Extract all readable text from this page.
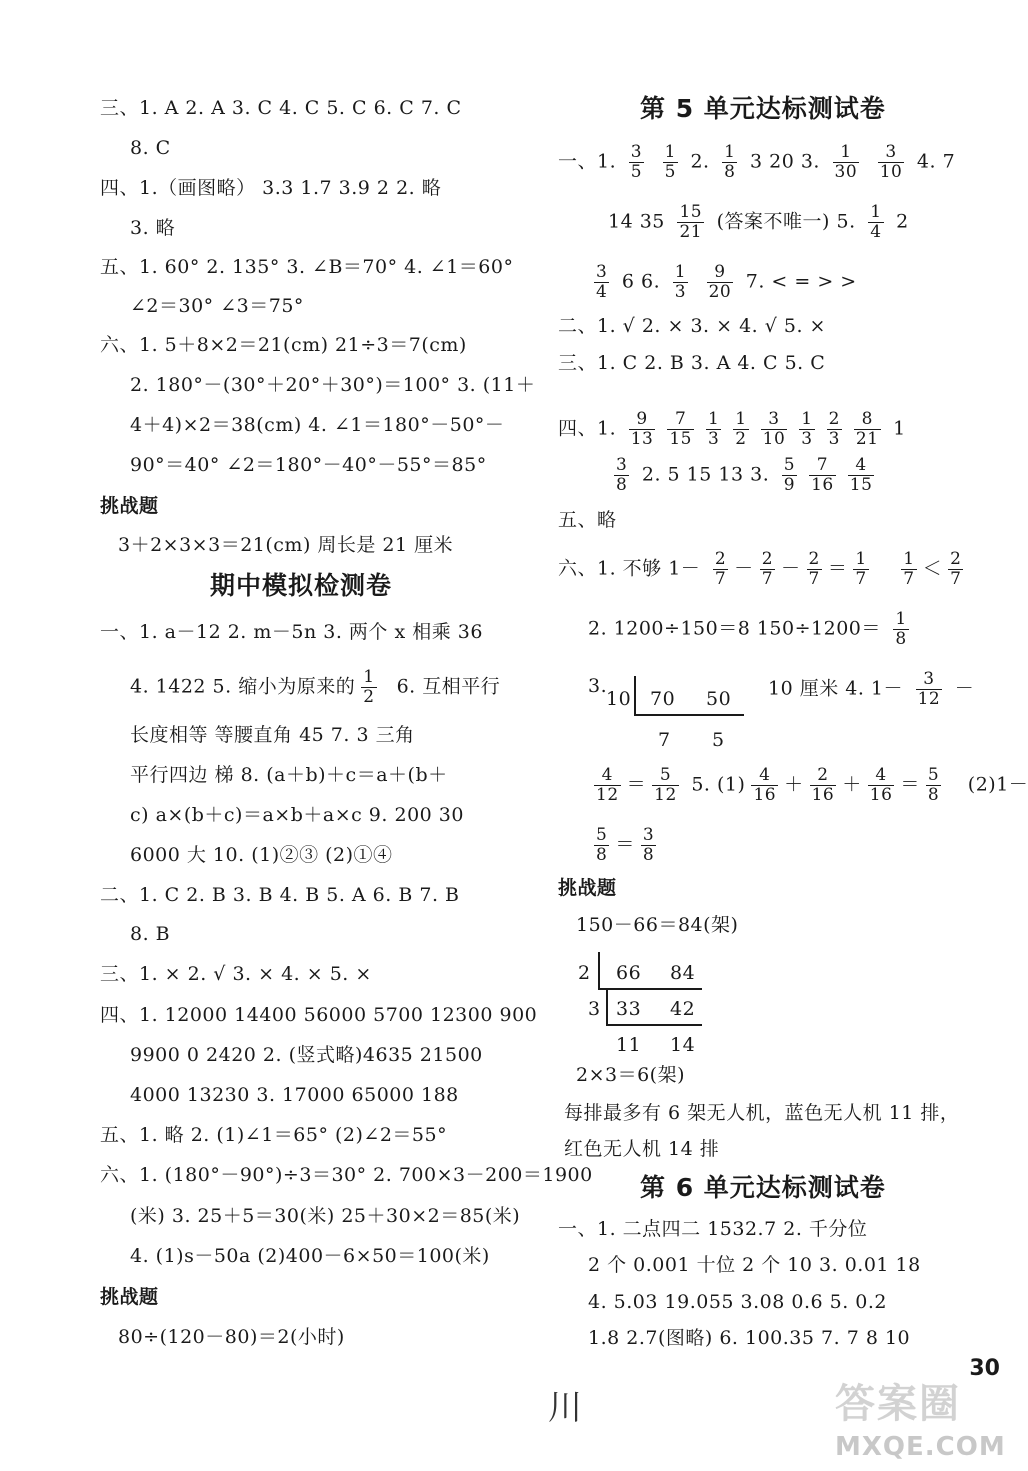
三、1. A 2. A 3. C 4. C 5. C 6. C 7. C
8. C
四、1.（画图略） 3.3 1.7 3.9 2 2. 略
3. 略
五、1. 60° 2. 135° 3. ∠B＝70° 4. ∠1＝60°
∠2＝30° ∠3＝75°
六、1. 5＋8×2＝21(cm) 21÷3＝7(cm)
2. 180°－(30°＋20°＋30°)＝100° 3. (11＋
4＋4)×2＝38(cm) 4. ∠1＝180°－50°－
90°＝40° ∠2＝180°－40°－55°＝85°
挑战题
3＋2×3×3＝21(cm) 周长是 21 厘米
期中模拟检测卷
一、1. a－12 2. m－5n 3. 两个 x 相乘 36
4. 1422 5. 缩小为原来的 $\frac{1}{2} 6$. 互相平行
长度相等 等腰直角 45 7. 3 三角
平行四边 梯 8. (a＋b)＋c＝a＋(b＋
c) a×(b＋c)＝a×b＋a×c 9. 200 30
6000 大 10. (1)②③ (2)①④
二、1. C 2. B 3. B 4. B 5. A 6. B 7. B
8. B
三、1. × 2. √ 3. × 4. × 5. ×
四、1. 12000 14400 56000 5700 12300 900
9900 0 2420 2. (竖式略)4635 21500
4000 13230 3. 17000 65000 188
五、1. 略 2. (1)∠1＝65° (2)∠2＝55°
六、1. (180°－90°)÷3＝30° 2. 700×3－200＝1900
(米) 3. 25＋5＝30(米) 25＋30×2＝85(米)
4. (1)s－50a (2)400－6×50＝100(米)
挑战题
80÷(120－80)＝2(小时)
第 5 单元达标测试卷
一、1. $\frac{3}{5}$
$\frac{1}{5} 2$. $\frac{1}{8} 3$ 20 3. $\frac{1}{30}$
$\frac{3}{10} 4$. 7
14 $35 \frac{15}{21}$ (答案不唯一) 5. $\frac{1}{4} 2$
$\frac{3}{4} 6$ 6. $\frac{1}{3}$
$\frac{9}{20} 7$. < = > >
二、1. √ 2. × 3. × 4. √ 5. ×
三、1. C 2. B 3. A 4. C 5. C
四、1. $\frac{9}{13} \frac{7}{15} \frac{1}{3} \frac{1}{2} \frac{3}{10} \frac{1}{3} \frac{2}{3} \frac{8}{21} 1$
$\frac{3}{8} 2$. 5 15 13 3. $\frac{5}{9} \frac{7}{16} \frac{4}{15}$
五、略
六、1. 不够 $1- \frac{2}{7} - \frac{2}{7} - \frac{2}{7} = \frac{1}{7}$
$\frac{1}{7} < \frac{2}{7}$
2. 1200÷150＝8 $150\div 1200= \frac{1}{8}$
3.
10 70 50
7 5
10 厘米 4. $1- \frac{3}{12}$ －
$\frac{4}{12} = \frac{5}{12} 5$. $(1) \frac{4}{16} + \frac{2}{16} + \frac{4}{16} = \frac{5}{8} (2)1-$
$\frac{5}{8} = \frac{3}{8}$
挑战题
150－66＝84(架)
2 66 84
3 33 42
11 14
2×3＝6(架)
每排最多有 6 架无人机，蓝色无人机 11 排，
红色无人机 14 排
第 6 单元达标测试卷
一、1. 二点四二 1532.7 2. 千分位
2 个 0.001 十位 2 个 10 3. 0.01 18
4. 5.03 19.055 3.08 0.6 5. 0.2
1.8 2.7(图略) 6. 100.35 7. 7 8 10
30
川	答案圈
MXQE.COM
